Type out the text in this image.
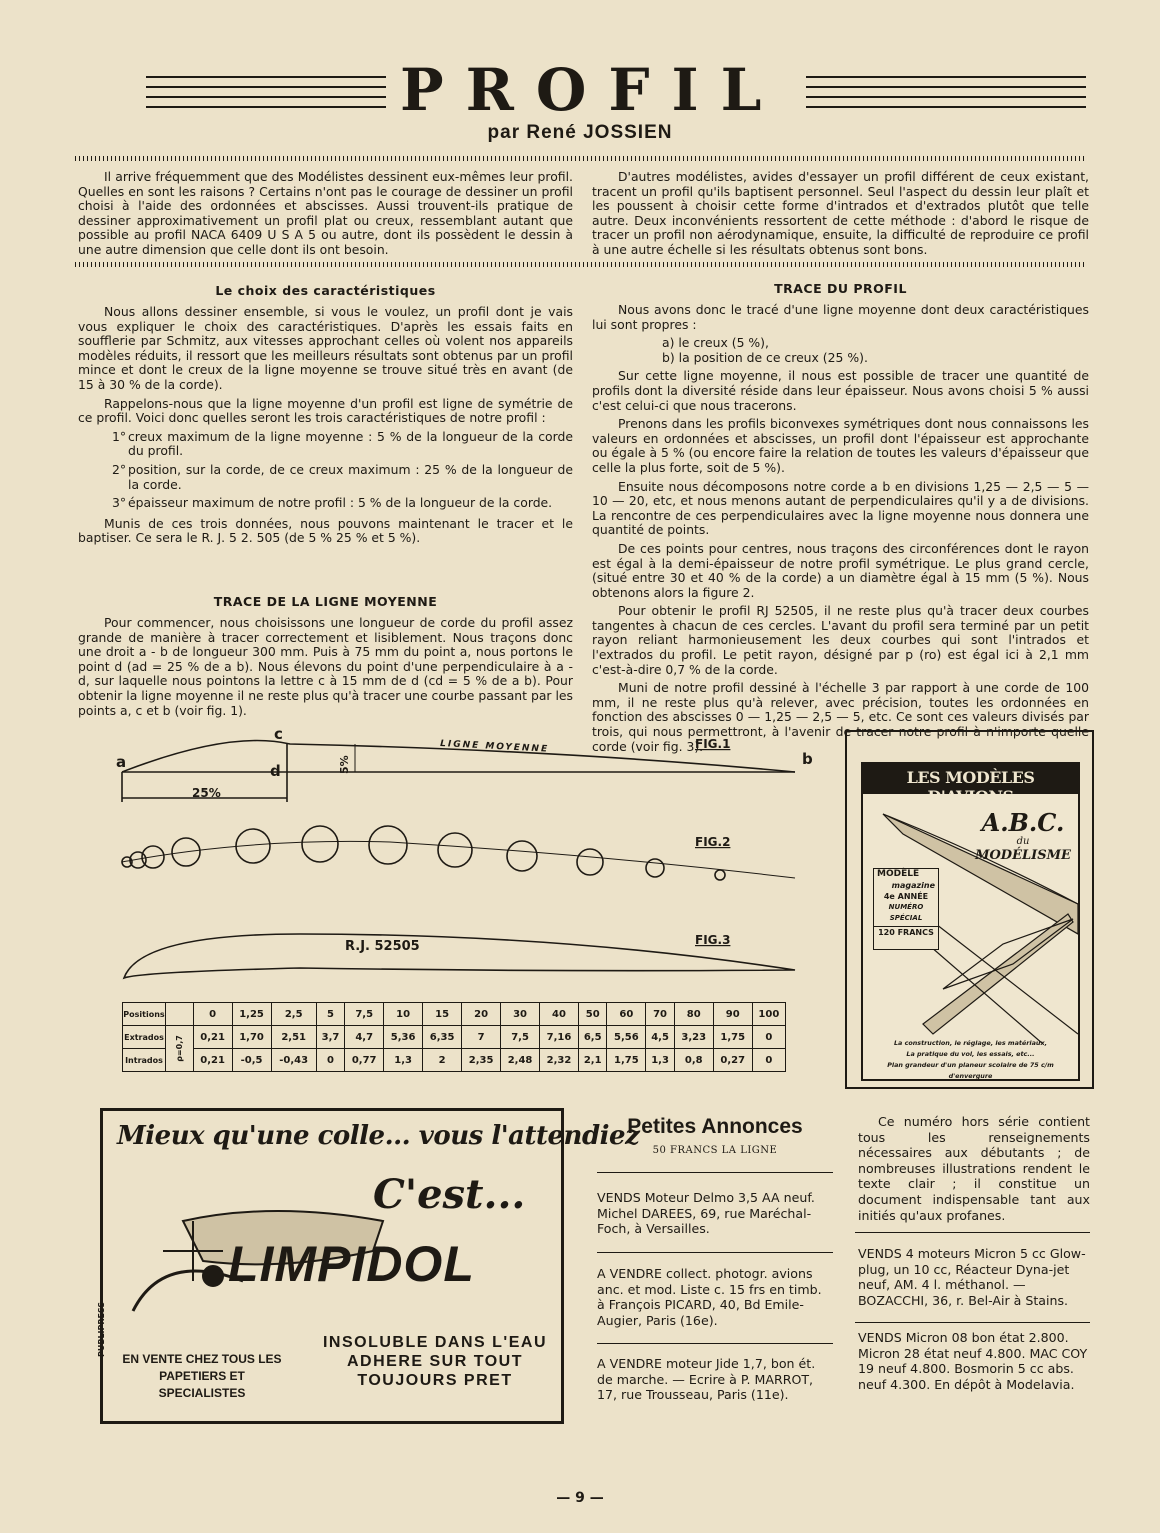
PROFIL
par René JOSSIEN

Il arrive fréquemment que des Modélistes dessinent eux-mêmes leur profil. Quelles en sont les raisons ? Certains n'ont pas le courage de dessiner un profil choisi à l'aide des ordonnées et abscisses. Aussi trouvent-ils pratique de dessiner approximativement un profil plat ou creux, ressemblant autant que possible au profil NACA 6409 U S A 5 ou autre, dont ils possèdent le dessin à une autre dimension que celle dont ils ont besoin.

D'autres modélistes, avides d'essayer un profil différent de ceux existant, tracent un profil qu'ils baptisent personnel. Seul l'aspect du dessin leur plaît et les poussent à choisir cette forme d'intrados et d'extrados plutôt que telle autre. Deux inconvénients ressortent de cette méthode : d'abord le risque de tracer un profil non aérodynamique, ensuite, la difficulté de reproduire ce profil à une autre échelle si les résultats obtenus sont bons.

Le choix des caractéristiques

Nous allons dessiner ensemble, si vous le voulez, un profil dont je vais vous expliquer le choix des caractéristiques. D'après les essais faits en soufflerie par Schmitz, aux vitesses approchant celles où volent nos appareils modèles réduits, il ressort que les meilleurs résultats sont obtenus par un profil mince et dont le creux de la ligne moyenne se trouve situé très en avant (de 15 à 30 % de la corde).

Rappelons-nous que la ligne moyenne d'un profil est ligne de symétrie de ce profil. Voici donc quelles seront les trois caractéristiques de notre profil :

1° creux maximum de la ligne moyenne : 5 % de la longueur de la corde du profil.

2° position, sur la corde, de ce creux maximum : 25 % de la longueur de la corde.

3° épaisseur maximum de notre profil : 5 % de la longueur de la corde.

Munis de ces trois données, nous pouvons maintenant le tracer et le baptiser. Ce sera le R. J. 5 2. 505 (de 5 % 25 % et 5 %).

TRACE DE LA LIGNE MOYENNE

Pour commencer, nous choisissons une longueur de corde du profil assez grande de manière à tracer correctement et lisiblement. Nous traçons donc une droit a - b de longueur 300 mm. Puis à 75 mm du point a, nous portons le point d (ad = 25 % de a b). Nous élevons du point d'une perpendiculaire à a - d, sur laquelle nous pointons la lettre c à 15 mm de d (cd = 5 % de a b). Pour obtenir la ligne moyenne il ne reste plus qu'à tracer une courbe passant par les points a, c et b (voir fig. 1).

TRACE DU PROFIL

Nous avons donc le tracé d'une ligne moyenne dont deux caractéristiques lui sont propres :

a) le creux (5 %),

b) la position de ce creux (25 %).

Sur cette ligne moyenne, il nous est possible de tracer une quantité de profils dont la diversité réside dans leur épaisseur. Nous avons choisi 5 % aussi c'est celui-ci que nous tracerons.

Prenons dans les profils biconvexes symétriques dont nous connaissons les valeurs en ordonnées et abscisses, un profil dont l'épaisseur est approchante ou égale à 5 % (ou encore faire la relation de toutes les valeurs d'épaisseur que celle la plus forte, soit de 5 %).

Ensuite nous décomposons notre corde a b en divisions 1,25 — 2,5 — 5 — 10 — 20, etc, et nous menons autant de perpendiculaires qu'il y a de divisions. La rencontre de ces perpendiculaires avec la ligne moyenne nous donnera une quantité de points.

De ces points pour centres, nous traçons des circonférences dont le rayon est égal à la demi-épaisseur de notre profil symétrique. Le plus grand cercle, (situé entre 30 et 40 % de la corde) a un diamètre égal à 15 mm (5 %). Nous obtenons alors la figure 2.

Pour obtenir le profil RJ 52505, il ne reste plus qu'à tracer deux courbes tangentes à chacun de ces cercles. L'avant du profil sera terminé par un petit rayon reliant harmonieusement les deux courbes qui sont l'intrados et l'extrados du profil. Le petit rayon, désigné par p (ro) est égal ici à 2,1 mm c'est-à-dire 0,7 % de la corde.

Muni de notre profil dessiné à l'échelle 3 par rapport à une corde de 100 mm, il ne reste plus qu'à relever, avec précision, toutes les ordonnées en fonction des abscisses 0 — 1,25 — 2,5 — 5, etc. Ce sont ces valeurs divisés par trois, qui nous permettront, à l'avenir de tracer notre profil à n'importe quelle corde (voir fig. 3).

a	b
c
d
25%
5%
LIGNE MOYENNE	FIG.1
FIG.2
FIG.3
R.J. 52505
Positions		0	1,25	2,5	5	7,5	10	15	20	30	40	50	60	70	80	90	100
Extrados	ρ=0,7	0,21	1,70	2,51	3,7	4,7	5,36	6,35	7	7,5	7,16	6,5	5,56	4,5	3,23	1,75	0
Intrados		0,21	-0,5	-0,43	0	0,77	1,3	2	2,35	2,48	2,32	2,1	1,75	1,3	0,8	0,27	0
LES MODÈLES D'AVIONS
A.B.C.
du
MODÉLISME
MODÈLE
magazine
4e ANNÉE
NUMÉRO
SPÉCIAL
120 FRANCS
La construction, le réglage, les matériaux,
La pratique du vol, les essais, etc...
Plan grandeur d'un planeur scolaire de 75 c/m d'envergure
Mieux qu'une colle... vous l'attendiez
C'est...
LIMPIDOL
PUBLIPRESS
EN VENTE CHEZ TOUS LES
PAPETIERS ET SPECIALISTES
INSOLUBLE DANS L'EAU
ADHERE SUR TOUT
TOUJOURS PRET
Petites Annonces
50 FRANCS LA LIGNE
VENDS Moteur Delmo 3,5 AA neuf. Michel DAREES, 69, rue Maréchal-Foch, à Versailles.
A VENDRE collect. photogr. avions anc. et mod. Liste c. 15 frs en timb. à François PICARD, 40, Bd Emile-Augier, Paris (16e).
A VENDRE moteur Jide 1,7, bon ét. de marche. — Ecrire à P. MARROT, 17, rue Trousseau, Paris (11e).
Ce numéro hors série contient tous les renseignements nécessaires aux débutants ; de nombreuses illustrations rendent le texte clair ; il constitue un document indispensable tant aux initiés qu'aux profanes.
VENDS 4 moteurs Micron 5 cc Glow-plug, un 10 cc, Réacteur Dyna-jet neuf, AM. 4 l. méthanol. — BOZACCHI, 36, r. Bel-Air à Stains.
VENDS Micron 08 bon état 2.800. Micron 28 état neuf 4.800. MAC COY 19 neuf 4.800. Bosmorin 5 cc abs. neuf 4.300. En dépôt à Modelavia.
— 9 —
